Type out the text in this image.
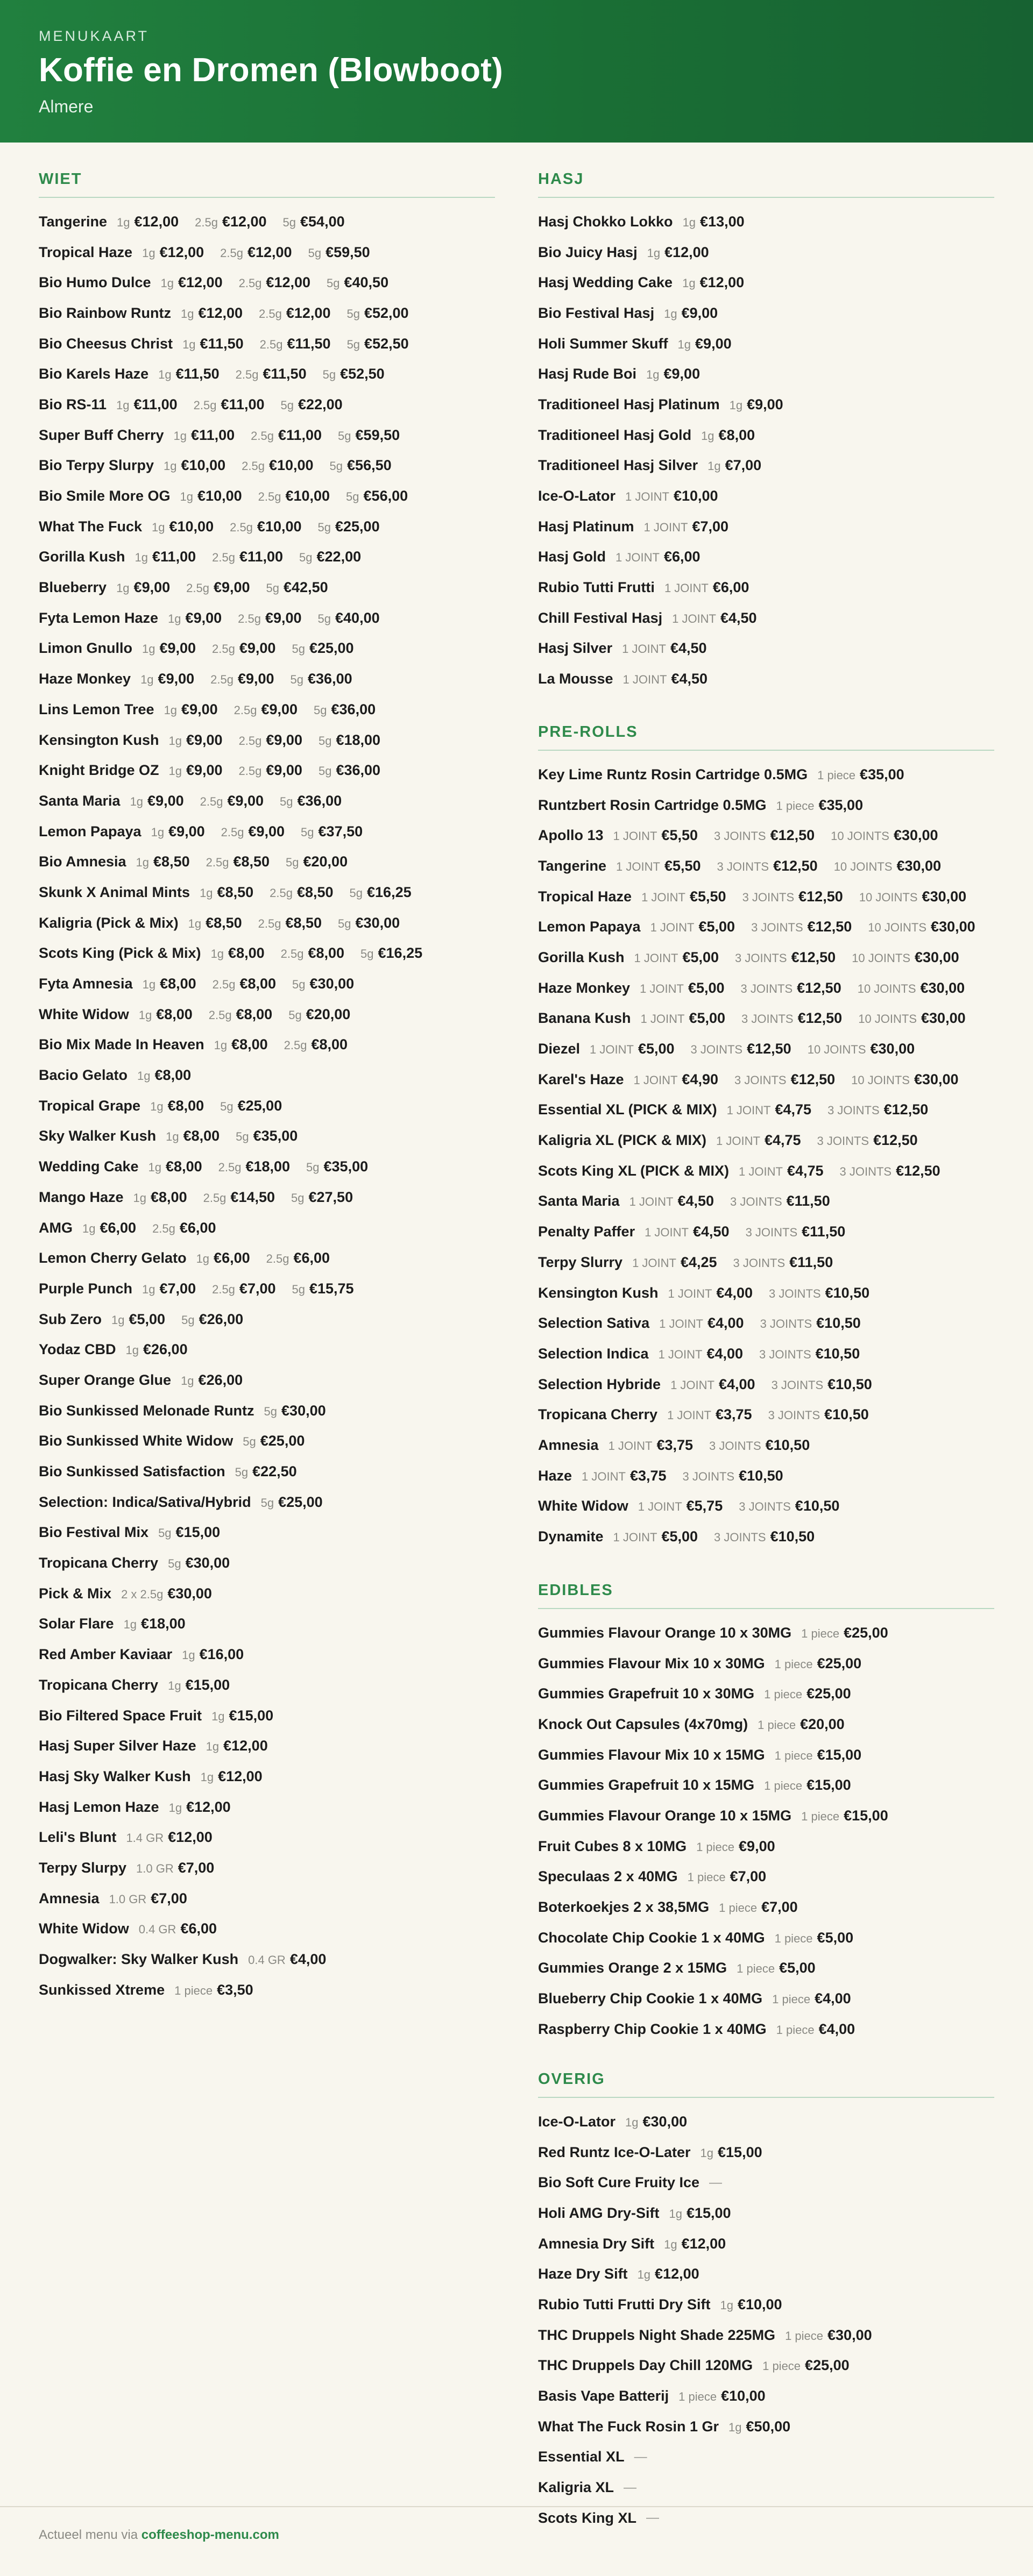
MENUKAART
Koffie en Dromen (Blowboot)
Almere
WIET
Tangerine 1g €12,00 2.5g €12,00 5g €54,00
Tropical Haze 1g €12,00 2.5g €12,00 5g €59,50
Bio Humo Dulce 1g €12,00 2.5g €12,00 5g €40,50
Bio Rainbow Runtz 1g €12,00 2.5g €12,00 5g €52,00
Bio Cheesus Christ 1g €11,50 2.5g €11,50 5g €52,50
Bio Karels Haze 1g €11,50 2.5g €11,50 5g €52,50
Bio RS-11 1g €11,00 2.5g €11,00 5g €22,00
Super Buff Cherry 1g €11,00 2.5g €11,00 5g €59,50
Bio Terpy Slurpy 1g €10,00 2.5g €10,00 5g €56,50
Bio Smile More OG 1g €10,00 2.5g €10,00 5g €56,00
What The Fuck 1g €10,00 2.5g €10,00 5g €25,00
Gorilla Kush 1g €11,00 2.5g €11,00 5g €22,00
Blueberry 1g €9,00 2.5g €9,00 5g €42,50
Fyta Lemon Haze 1g €9,00 2.5g €9,00 5g €40,00
Limon Gnullo 1g €9,00 2.5g €9,00 5g €25,00
Haze Monkey 1g €9,00 2.5g €9,00 5g €36,00
Lins Lemon Tree 1g €9,00 2.5g €9,00 5g €36,00
Kensington Kush 1g €9,00 2.5g €9,00 5g €18,00
Knight Bridge OZ 1g €9,00 2.5g €9,00 5g €36,00
Santa Maria 1g €9,00 2.5g €9,00 5g €36,00
Lemon Papaya 1g €9,00 2.5g €9,00 5g €37,50
Bio Amnesia 1g €8,50 2.5g €8,50 5g €20,00
Skunk X Animal Mints 1g €8,50 2.5g €8,50 5g €16,25
Kaligria (Pick & Mix) 1g €8,50 2.5g €8,50 5g €30,00
Scots King (Pick & Mix) 1g €8,00 2.5g €8,00 5g €16,25
Fyta Amnesia 1g €8,00 2.5g €8,00 5g €30,00
White Widow 1g €8,00 2.5g €8,00 5g €20,00
Bio Mix Made In Heaven 1g €8,00 2.5g €8,00
Bacio Gelato 1g €8,00
Tropical Grape 1g €8,00 5g €25,00
Sky Walker Kush 1g €8,00 5g €35,00
Wedding Cake 1g €8,00 2.5g €18,00 5g €35,00
Mango Haze 1g €8,00 2.5g €14,50 5g €27,50
AMG 1g €6,00 2.5g €6,00
Lemon Cherry Gelato 1g €6,00 2.5g €6,00
Purple Punch 1g €7,00 2.5g €7,00 5g €15,75
Sub Zero 1g €5,00 5g €26,00
Yodaz CBD 1g €26,00
Super Orange Glue 1g €26,00
Bio Sunkissed Melonade Runtz 5g €30,00
Bio Sunkissed White Widow 5g €25,00
Bio Sunkissed Satisfaction 5g €22,50
Selection: Indica/Sativa/Hybrid 5g €25,00
Bio Festival Mix 5g €15,00
Tropicana Cherry 5g €30,00
Pick & Mix 2 x 2.5g €30,00
Solar Flare 1g €18,00
Red Amber Kaviaar 1g €16,00
Tropicana Cherry 1g €15,00
Bio Filtered Space Fruit 1g €15,00
Hasj Super Silver Haze 1g €12,00
Hasj Sky Walker Kush 1g €12,00
Hasj Lemon Haze 1g €12,00
Leli's Blunt 1.4 GR €12,00
Terpy Slurpy 1.0 GR €7,00
Amnesia 1.0 GR €7,00
White Widow 0.4 GR €6,00
Dogwalker: Sky Walker Kush 0.4 GR €4,00
Sunkissed Xtreme 1 piece €3,50
HASJ
Hasj Chokko Lokko 1g €13,00
Bio Juicy Hasj 1g €12,00
Hasj Wedding Cake 1g €12,00
Bio Festival Hasj 1g €9,00
Holi Summer Skuff 1g €9,00
Hasj Rude Boi 1g €9,00
Traditioneel Hasj Platinum 1g €9,00
Traditioneel Hasj Gold 1g €8,00
Traditioneel Hasj Silver 1g €7,00
Ice-O-Lator 1 JOINT €10,00
Hasj Platinum 1 JOINT €7,00
Hasj Gold 1 JOINT €6,00
Rubio Tutti Frutti 1 JOINT €6,00
Chill Festival Hasj 1 JOINT €4,50
Hasj Silver 1 JOINT €4,50
La Mousse 1 JOINT €4,50
PRE-ROLLS
Key Lime Runtz Rosin Cartridge 0.5MG 1 piece €35,00
Runtzbert Rosin Cartridge 0.5MG 1 piece €35,00
Apollo 13 1 JOINT €5,50 3 JOINTS €12,50 10 JOINTS €30,00
Tangerine 1 JOINT €5,50 3 JOINTS €12,50 10 JOINTS €30,00
Tropical Haze 1 JOINT €5,50 3 JOINTS €12,50 10 JOINTS €30,00
Lemon Papaya 1 JOINT €5,00 3 JOINTS €12,50 10 JOINTS €30,00
Gorilla Kush 1 JOINT €5,00 3 JOINTS €12,50 10 JOINTS €30,00
Haze Monkey 1 JOINT €5,00 3 JOINTS €12,50 10 JOINTS €30,00
Banana Kush 1 JOINT €5,00 3 JOINTS €12,50 10 JOINTS €30,00
Diezel 1 JOINT €5,00 3 JOINTS €12,50 10 JOINTS €30,00
Karel's Haze 1 JOINT €4,90 3 JOINTS €12,50 10 JOINTS €30,00
Essential XL (PICK & MIX) 1 JOINT €4,75 3 JOINTS €12,50
Kaligria XL (PICK & MIX) 1 JOINT €4,75 3 JOINTS €12,50
Scots King XL (PICK & MIX) 1 JOINT €4,75 3 JOINTS €12,50
Santa Maria 1 JOINT €4,50 3 JOINTS €11,50
Penalty Paffer 1 JOINT €4,50 3 JOINTS €11,50
Terpy Slurry 1 JOINT €4,25 3 JOINTS €11,50
Kensington Kush 1 JOINT €4,00 3 JOINTS €10,50
Selection Sativa 1 JOINT €4,00 3 JOINTS €10,50
Selection Indica 1 JOINT €4,00 3 JOINTS €10,50
Selection Hybride 1 JOINT €4,00 3 JOINTS €10,50
Tropicana Cherry 1 JOINT €3,75 3 JOINTS €10,50
Amnesia 1 JOINT €3,75 3 JOINTS €10,50
Haze 1 JOINT €3,75 3 JOINTS €10,50
White Widow 1 JOINT €5,75 3 JOINTS €10,50
Dynamite 1 JOINT €5,00 3 JOINTS €10,50
EDIBLES
Gummies Flavour Orange 10 x 30MG 1 piece €25,00
Gummies Flavour Mix 10 x 30MG 1 piece €25,00
Gummies Grapefruit 10 x 30MG 1 piece €25,00
Knock Out Capsules (4x70mg) 1 piece €20,00
Gummies Flavour Mix 10 x 15MG 1 piece €15,00
Gummies Grapefruit 10 x 15MG 1 piece €15,00
Gummies Flavour Orange 10 x 15MG 1 piece €15,00
Fruit Cubes 8 x 10MG 1 piece €9,00
Speculaas 2 x 40MG 1 piece €7,00
Boterkoekjes 2 x 38,5MG 1 piece €7,00
Chocolate Chip Cookie 1 x 40MG 1 piece €5,00
Gummies Orange 2 x 15MG 1 piece €5,00
Blueberry Chip Cookie 1 x 40MG 1 piece €4,00
Raspberry Chip Cookie 1 x 40MG 1 piece €4,00
OVERIG
Ice-O-Lator 1g €30,00
Red Runtz Ice-O-Later 1g €15,00
Bio Soft Cure Fruity Ice —
Holi AMG Dry-Sift 1g €15,00
Amnesia Dry Sift 1g €12,00
Haze Dry Sift 1g €12,00
Rubio Tutti Frutti Dry Sift 1g €10,00
THC Druppels Night Shade 225MG 1 piece €30,00
THC Druppels Day Chill 120MG 1 piece €25,00
Basis Vape Batterij 1 piece €10,00
What The Fuck Rosin 1 Gr 1g €50,00
Essential XL —
Kaligria XL —
Scots King XL —
Actueel menu via coffeeshop-menu.com
